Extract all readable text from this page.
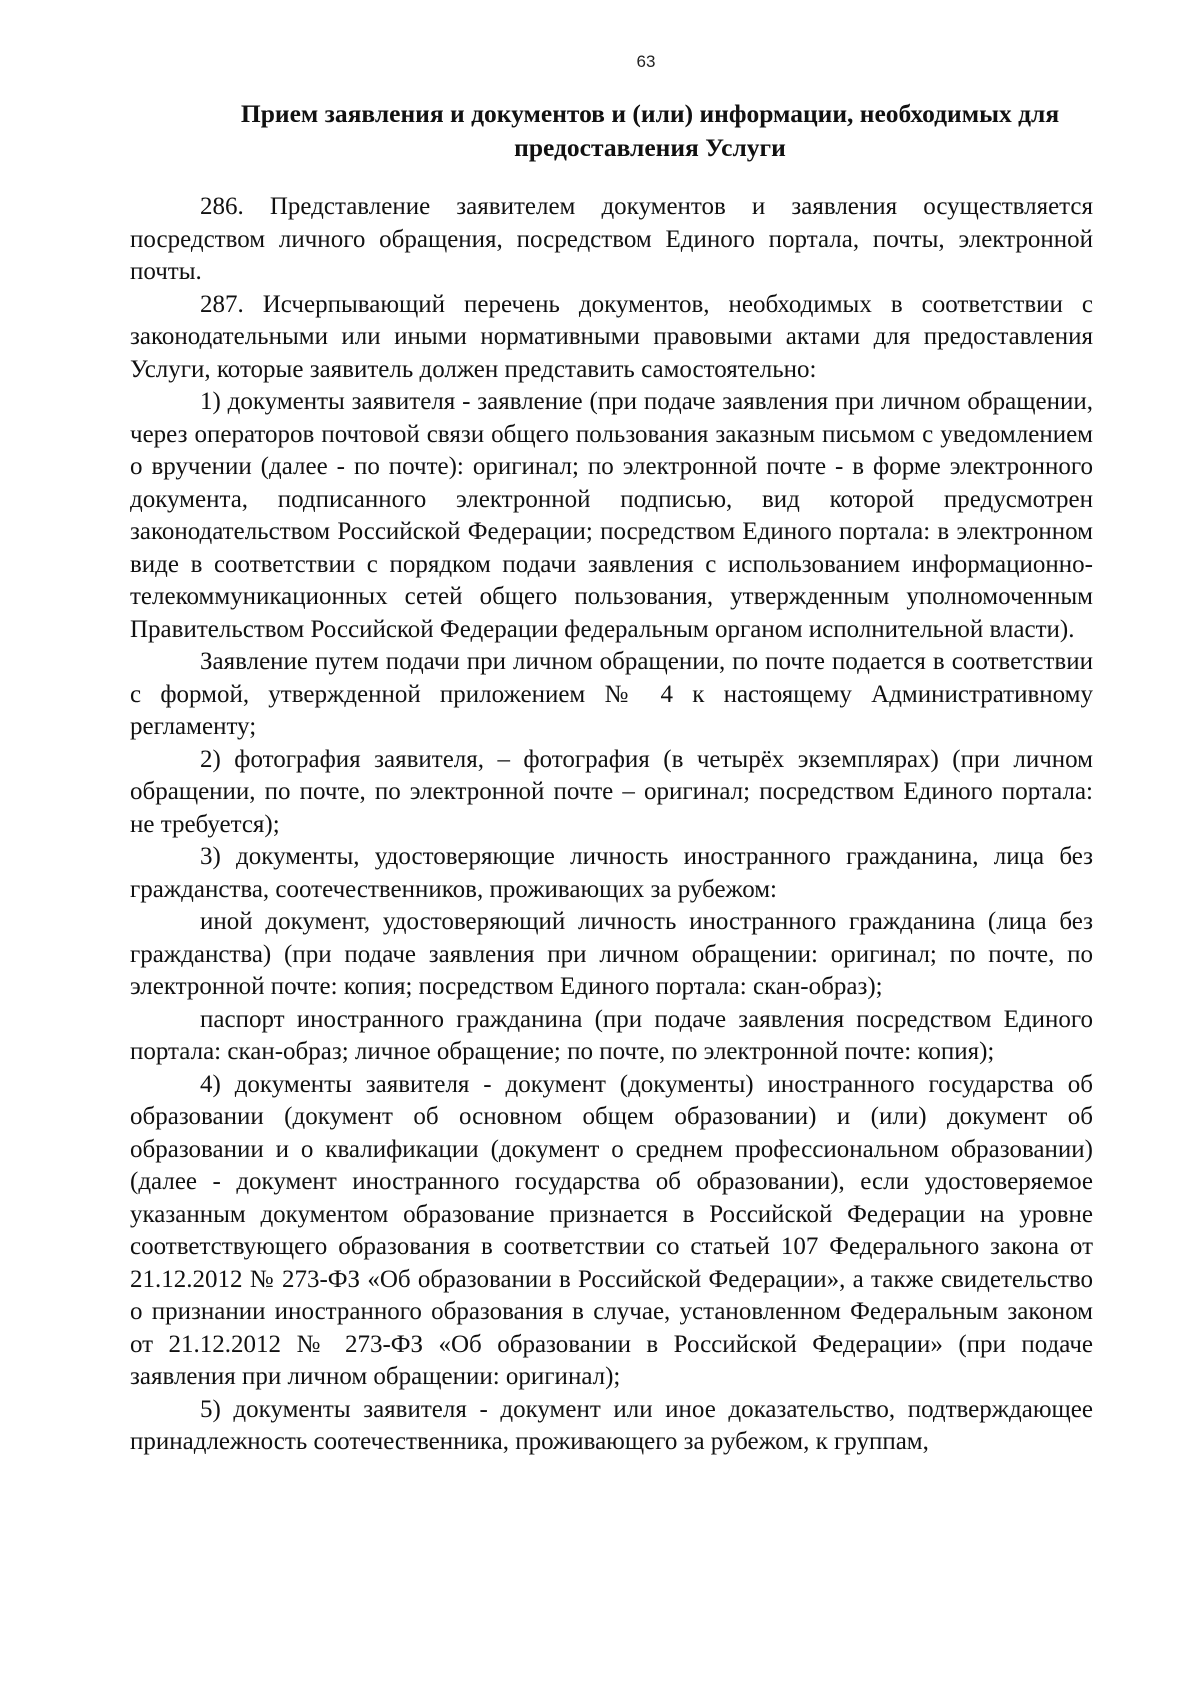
63
Прием заявления и документов и (или) информации, необходимых для предоставления Услуги

286. Представление заявителем документов и заявления осуществляется посредством личного обращения, посредством Единого портала, почты, электронной почты.

287. Исчерпывающий перечень документов, необходимых в соответствии с законодательными или иными нормативными правовыми актами для предоставления Услуги, которые заявитель должен представить самостоятельно:

1) документы заявителя - заявление (при подаче заявления при личном обращении, через операторов почтовой связи общего пользования заказным письмом с уведомлением о вручении (далее - по почте): оригинал; по электронной почте - в форме электронного документа, подписанного электронной подписью, вид которой предусмотрен законодательством Российской Федерации; посредством Единого портала: в электронном виде в соответствии с порядком подачи заявления с использованием информационно-телекоммуникационных сетей общего пользования, утвержденным уполномоченным Правительством Российской Федерации федеральным органом исполнительной власти).

Заявление путем подачи при личном обращении, по почте подается в соответствии с формой, утвержденной приложением № 4 к настоящему Административному регламенту;

2) фотография заявителя, – фотография (в четырёх экземплярах) (при личном обращении, по почте, по электронной почте – оригинал; посредством Единого портала: не требуется);

3) документы, удостоверяющие личность иностранного гражданина, лица без гражданства, соотечественников, проживающих за рубежом:

иной документ, удостоверяющий личность иностранного гражданина (лица без гражданства) (при подаче заявления при личном обращении: оригинал; по почте, по электронной почте: копия; посредством Единого портала: скан-образ);

паспорт иностранного гражданина (при подаче заявления посредством Единого портала: скан-образ; личное обращение; по почте, по электронной почте: копия);

4) документы заявителя - документ (документы) иностранного государства об образовании (документ об основном общем образовании) и (или) документ об образовании и о квалификации (документ о среднем профессиональном образовании) (далее - документ иностранного государства об образовании), если удостоверяемое указанным документом образование признается в Российской Федерации на уровне соответствующего образования в соответствии со статьей 107 Федерального закона от 21.12.2012 № 273-ФЗ «Об образовании в Российской Федерации», а также свидетельство о признании иностранного образования в случае, установленном Федеральным законом от 21.12.2012 № 273-ФЗ «Об образовании в Российской Федерации» (при подаче заявления при личном обращении: оригинал);

5) документы заявителя - документ или иное доказательство, подтверждающее принадлежность соотечественника, проживающего за рубежом, к группам,
